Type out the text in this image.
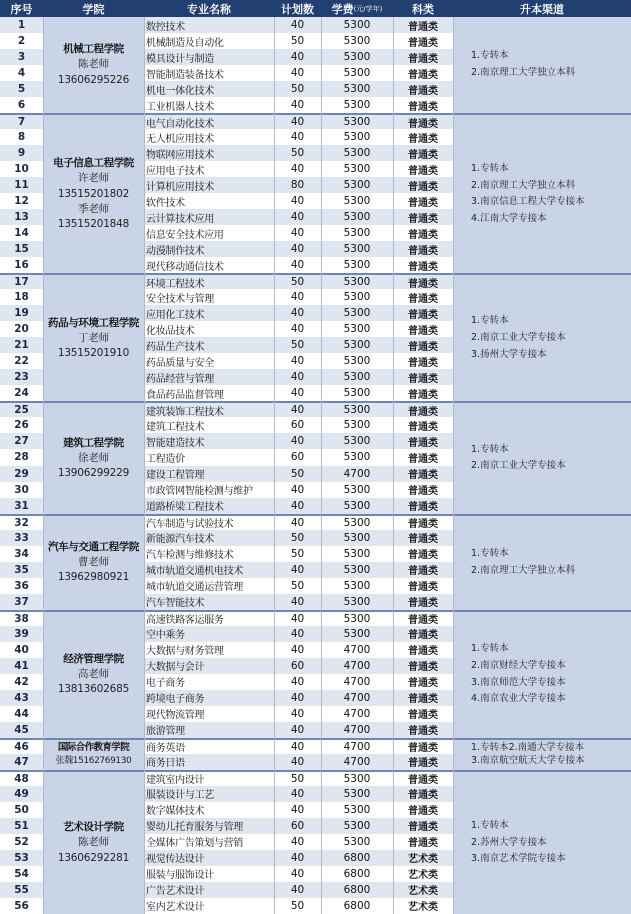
序号	学院	专业名称	计划数	学费 (元/学年)	科类	升本渠道
1	数控技术	40	5300	普通类
2	机械制造及自动化	50	5300	普通类
3	模具设计与制造	40	5300	普通类
4	智能制造装备技术	40	5300	普通类
5	机电一体化技术	50	5300	普通类
6	工业机器人技术	40	5300	普通类
机械工程学院
陈老师
13606295226
1.专转本
2.南京理工大学独立本科
7	电气自动化技术	40	5300	普通类
8	无人机应用技术	40	5300	普通类
9	物联网应用技术	50	5300	普通类
10	应用电子技术	40	5300	普通类
11	计算机应用技术	80	5300	普通类
12	软件技术	40	5300	普通类
13	云计算技术应用	40	5300	普通类
14	信息安全技术应用	40	5300	普通类
15	动漫制作技术	40	5300	普通类
16	现代移动通信技术	40	5300	普通类
电子信息工程学院
许老师
13515201802
季老师
13515201848
1.专转本
2.南京理工大学独立本科
3.南京信息工程大学专接本
4.江南大学专接本
17	环境工程技术	50	5300	普通类
18	安全技术与管理	40	5300	普通类
19	应用化工技术	40	5300	普通类
20	化妆品技术	40	5300	普通类
21	药品生产技术	50	5300	普通类
22	药品质量与安全	40	5300	普通类
23	药品经营与管理	40	5300	普通类
24	食品药品监督管理	40	5300	普通类
药品与环境工程学院
丁老师
13515201910
1.专转本
2.南京工业大学专接本
3.扬州大学专接本
25	建筑装饰工程技术	40	5300	普通类
26	建筑工程技术	60	5300	普通类
27	智能建造技术	40	5300	普通类
28	工程造价	60	5300	普通类
29	建设工程管理	50	4700	普通类
30	市政管网智能检测与维护	40	5300	普通类
31	道路桥梁工程技术	40	5300	普通类
建筑工程学院
徐老师
13906299229
1.专转本
2.南京工业大学专接本
32	汽车制造与试验技术	40	5300	普通类
33	新能源汽车技术	50	5300	普通类
34	汽车检测与维修技术	50	5300	普通类
35	城市轨道交通机电技术	40	5300	普通类
36	城市轨道交通运营管理	50	5300	普通类
37	汽车智能技术	40	5300	普通类
汽车与交通工程学院
曹老师
13962980921
1.专转本
2.南京理工大学独立本科
38	高速铁路客运服务	40	5300	普通类
39	空中乘务	40	5300	普通类
40	大数据与财务管理	40	4700	普通类
41	大数据与会计	60	4700	普通类
42	电子商务	40	4700	普通类
43	跨境电子商务	40	4700	普通类
44	现代物流管理	40	4700	普通类
45	旅游管理	40	4700	普通类
经济管理学院
高老师
13813602685
1.专转本
2.南京财经大学专接本
3.南京师范大学专接本
4.南京农业大学专接本
46	商务英语	40	4700	普通类
47	商务日语	40	4700	普通类
国际合作教育学院
张魏15162769130
1.专转本2.南通大学专接本
3.南京航空航天大学专接本
48	建筑室内设计	50	5300	普通类
49	服装设计与工艺	40	5300	普通类
50	数字媒体技术	40	5300	普通类
51	婴幼儿托育服务与管理	60	5300	普通类
52	全媒体广告策划与营销	40	5300	普通类
53	视觉传达设计	40	6800	艺术类
54	服装与服饰设计	40	6800	艺术类
55	广告艺术设计	40	6800	艺术类
56	室内艺术设计	50	6800	艺术类
艺术设计学院
陈老师
13606292281
1.专转本
2.苏州大学专接本
3.南京艺术学院专接本
